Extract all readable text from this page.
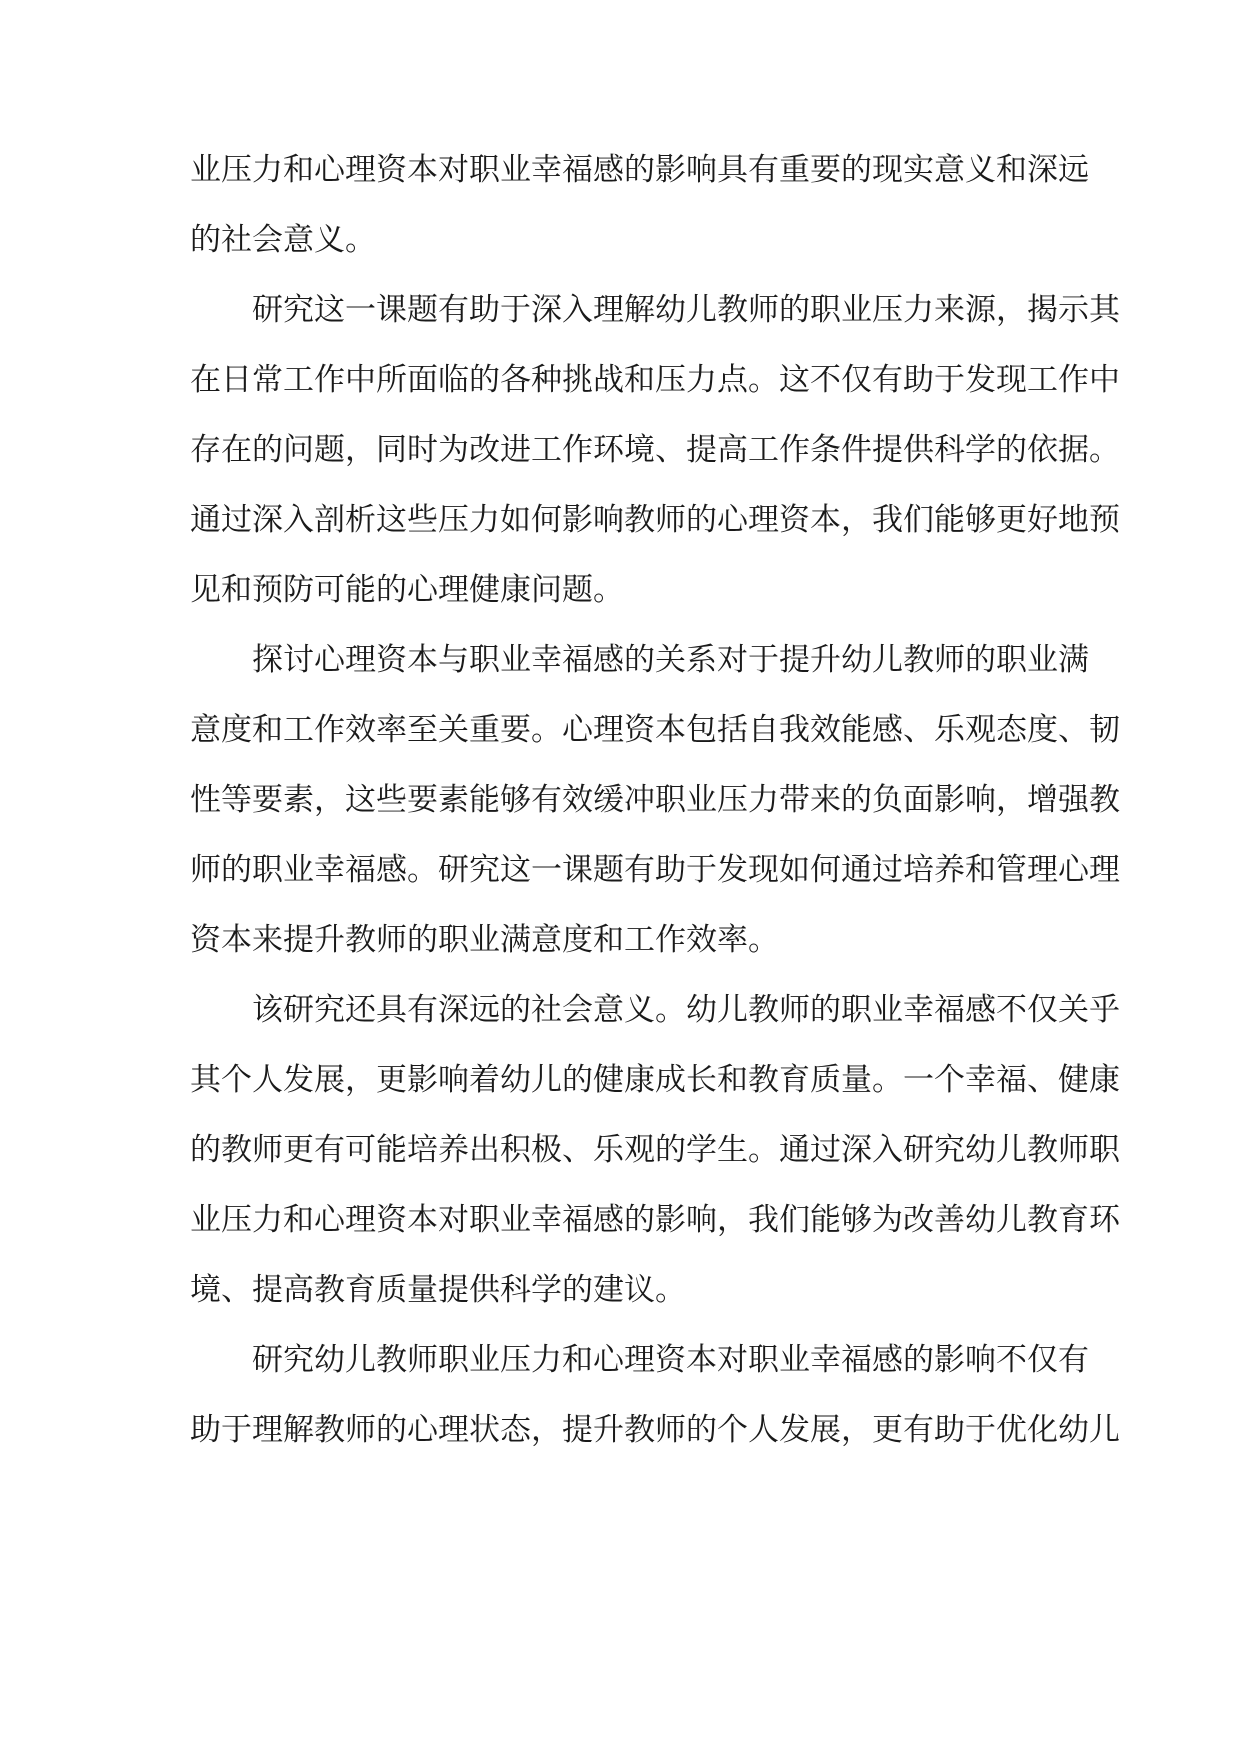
业压力和心理资本对职业幸福感的影响具有重要的现实意义和深远
的社会意义。
研究这一课题有助于深入理解幼儿教师的职业压力来源，揭示其
在日常工作中所面临的各种挑战和压力点。这不仅有助于发现工作中
存在的问题，同时为改进工作环境、提高工作条件提供科学的依据。
通过深入剖析这些压力如何影响教师的心理资本，我们能够更好地预
见和预防可能的心理健康问题。
探讨心理资本与职业幸福感的关系对于提升幼儿教师的职业满
意度和工作效率至关重要。心理资本包括自我效能感、乐观态度、韧
性等要素，这些要素能够有效缓冲职业压力带来的负面影响，增强教
师的职业幸福感。研究这一课题有助于发现如何通过培养和管理心理
资本来提升教师的职业满意度和工作效率。
该研究还具有深远的社会意义。幼儿教师的职业幸福感不仅关乎
其个人发展，更影响着幼儿的健康成长和教育质量。一个幸福、健康
的教师更有可能培养出积极、乐观的学生。通过深入研究幼儿教师职
业压力和心理资本对职业幸福感的影响，我们能够为改善幼儿教育环
境、提高教育质量提供科学的建议。
研究幼儿教师职业压力和心理资本对职业幸福感的影响不仅有
助于理解教师的心理状态，提升教师的个人发展，更有助于优化幼儿
